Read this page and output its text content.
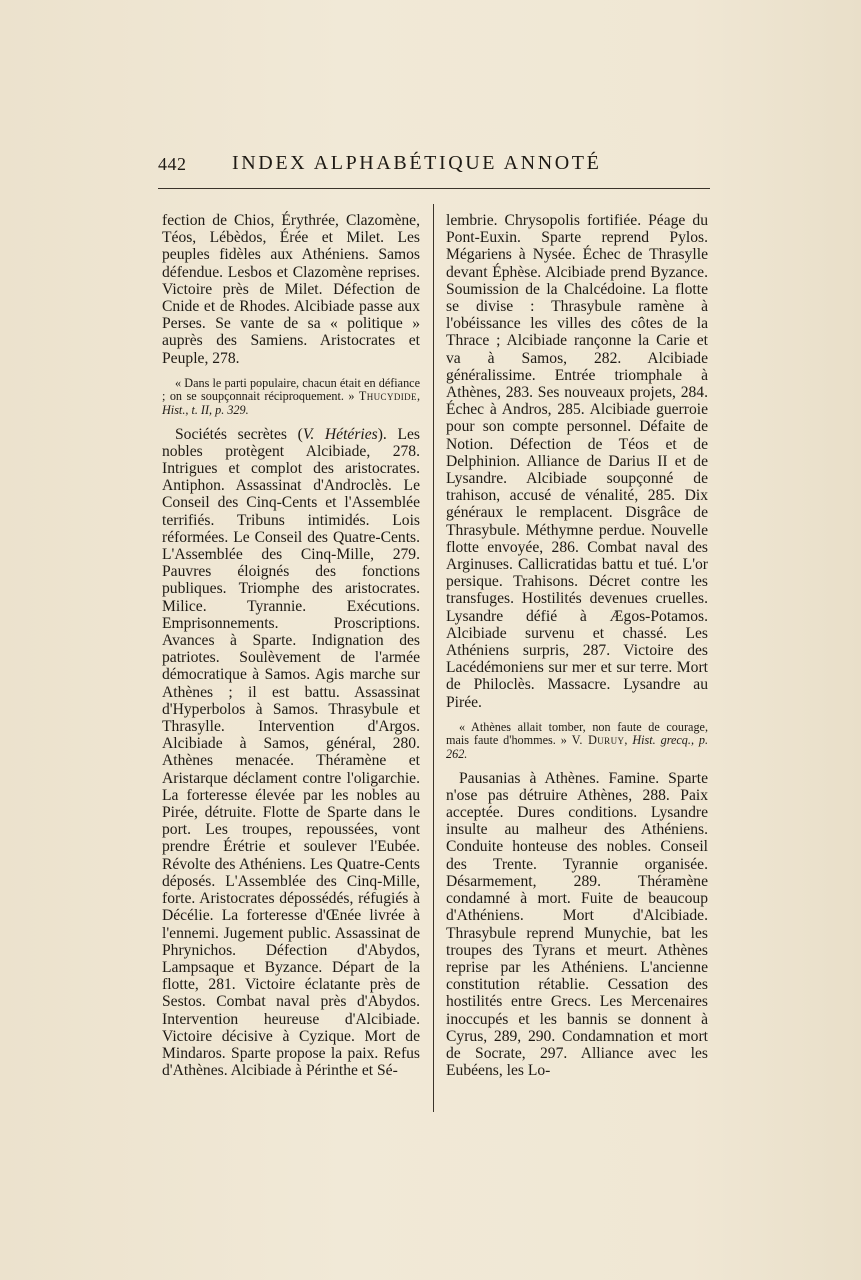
442 INDEX ALPHABÉTIQUE ANNOTÉ

fection de Chios, Érythrée, Clazomène, Téos, Lébèdos, Érée et Milet. Les peuples fidèles aux Athéniens. Samos défendue. Lesbos et Clazomène reprises. Victoire près de Milet. Défection de Cnide et de Rhodes. Alcibiade passe aux Perses. Se vante de sa « politique » auprès des Samiens. Aristocrates et Peuple, 278.

« Dans le parti populaire, chacun était en défiance ; on se soupçonnait réciproquement. » Thucydide, Hist., t. II, p. 329.

Sociétés secrètes (V. Hétéries). Les nobles protègent Alcibiade, 278. Intrigues et complot des aristocrates. Antiphon. Assassinat d'Androclès. Le Conseil des Cinq-Cents et l'Assemblée terrifiés. Tribuns intimidés. Lois réformées. Le Conseil des Quatre-Cents. L'Assemblée des Cinq-Mille, 279. Pauvres éloignés des fonctions publiques. Triomphe des aristocrates. Milice. Tyrannie. Exécutions. Emprisonnements. Proscriptions. Avances à Sparte. Indignation des patriotes. Soulèvement de l'armée démocratique à Samos. Agis marche sur Athènes ; il est battu. Assassinat d'Hyperbolos à Samos. Thrasybule et Thrasylle. Intervention d'Argos. Alcibiade à Samos, général, 280. Athènes menacée. Théramène et Aristarque déclament contre l'oligarchie. La forteresse élevée par les nobles au Pirée, détruite. Flotte de Sparte dans le port. Les troupes, repoussées, vont prendre Érétrie et soulever l'Eubée. Révolte des Athéniens. Les Quatre-Cents déposés. L'Assemblée des Cinq-Mille, forte. Aristocrates dépossédés, réfugiés à Décélie. La forteresse d'Œnée livrée à l'ennemi. Jugement public. Assassinat de Phrynichos. Défection d'Abydos, Lampsaque et Byzance. Départ de la flotte, 281. Victoire éclatante près de Sestos. Combat naval près d'Abydos. Intervention heureuse d'Alcibiade. Victoire décisive à Cyzique. Mort de Mindaros. Sparte propose la paix. Refus d'Athènes. Alcibiade à Périnthe et Sé-

lembrie. Chrysopolis fortifiée. Péage du Pont-Euxin. Sparte reprend Pylos. Mégariens à Nysée. Échec de Thrasylle devant Éphèse. Alcibiade prend Byzance. Soumission de la Chalcédoine. La flotte se divise : Thrasybule ramène à l'obéissance les villes des côtes de la Thrace ; Alcibiade rançonne la Carie et va à Samos, 282. Alcibiade généralissime. Entrée triomphale à Athènes, 283. Ses nouveaux projets, 284. Échec à Andros, 285. Alcibiade guerroie pour son compte personnel. Défaite de Notion. Défection de Téos et de Delphinion. Alliance de Darius II et de Lysandre. Alcibiade soupçonné de trahison, accusé de vénalité, 285. Dix généraux le remplacent. Disgrâce de Thrasybule. Méthymne perdue. Nouvelle flotte envoyée, 286. Combat naval des Arginuses. Callicratidas battu et tué. L'or persique. Trahisons. Décret contre les transfuges. Hostilités devenues cruelles. Lysandre défié à Ægos-Potamos. Alcibiade survenu et chassé. Les Athéniens surpris, 287. Victoire des Lacédémoniens sur mer et sur terre. Mort de Philoclès. Massacre. Lysandre au Pirée.

« Athènes allait tomber, non faute de courage, mais faute d'hommes. » V. Duruy, Hist. grecq., p. 262.

Pausanias à Athènes. Famine. Sparte n'ose pas détruire Athènes, 288. Paix acceptée. Dures conditions. Lysandre insulte au malheur des Athéniens. Conduite honteuse des nobles. Conseil des Trente. Tyrannie organisée. Désarmement, 289. Théramène condamné à mort. Fuite de beaucoup d'Athéniens. Mort d'Alcibiade. Thrasybule reprend Munychie, bat les troupes des Tyrans et meurt. Athènes reprise par les Athéniens. L'ancienne constitution rétablie. Cessation des hostilités entre Grecs. Les Mercenaires inoccupés et les bannis se donnent à Cyrus, 289, 290. Condamnation et mort de Socrate, 297. Alliance avec les Eubéens, les Lo-
